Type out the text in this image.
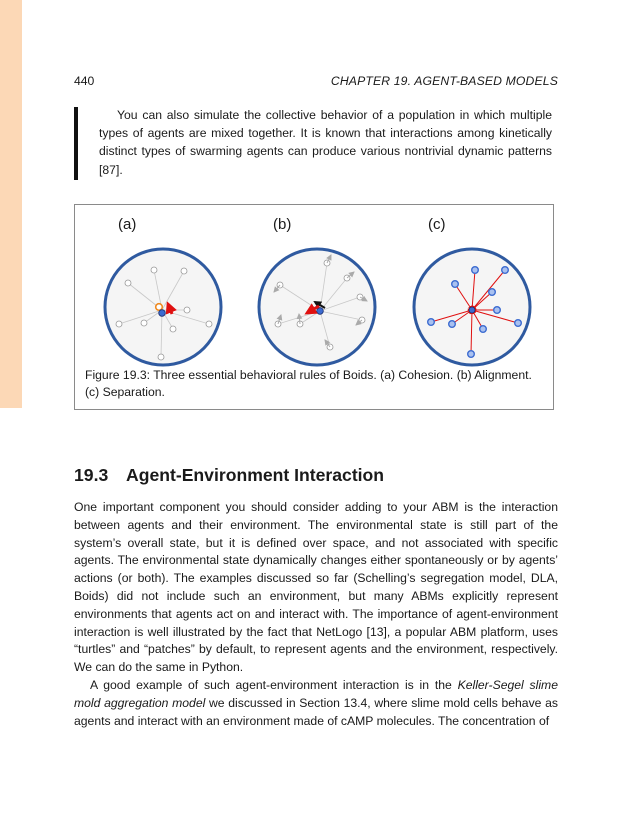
440	CHAPTER 19. AGENT-BASED MODELS

You can also simulate the collective behavior of a population in which multiple types of agents are mixed together. It is known that interactions among kinetically distinct types of swarming agents can produce various nontrivial dynamic patterns [87].

(a)	(b)	(c)

Figure 19.3: Three essential behavioral rules of Boids. (a) Cohesion. (b) Alignment. (c) Separation.

19.3 Agent-Environment Interaction

One important component you should consider adding to your ABM is the interaction between agents and their environment. The environmental state is still part of the system’s overall state, but it is defined over space, and not associated with specific agents. The environmental state dynamically changes either spontaneously or by agents’ actions (or both). The examples discussed so far (Schelling’s segregation model, DLA, Boids) did not include such an environment, but many ABMs explicitly represent environments that agents act on and interact with. The importance of agent-environment interaction is well illustrated by the fact that NetLogo [13], a popular ABM platform, uses “turtles” and “patches” by default, to represent agents and the environment, respectively. We can do the same in Python.

A good example of such agent-environment interaction is in the Keller-Segel slime mold aggregation model we discussed in Section 13.4, where slime mold cells behave as agents and interact with an environment made of cAMP molecules. The concentration of
